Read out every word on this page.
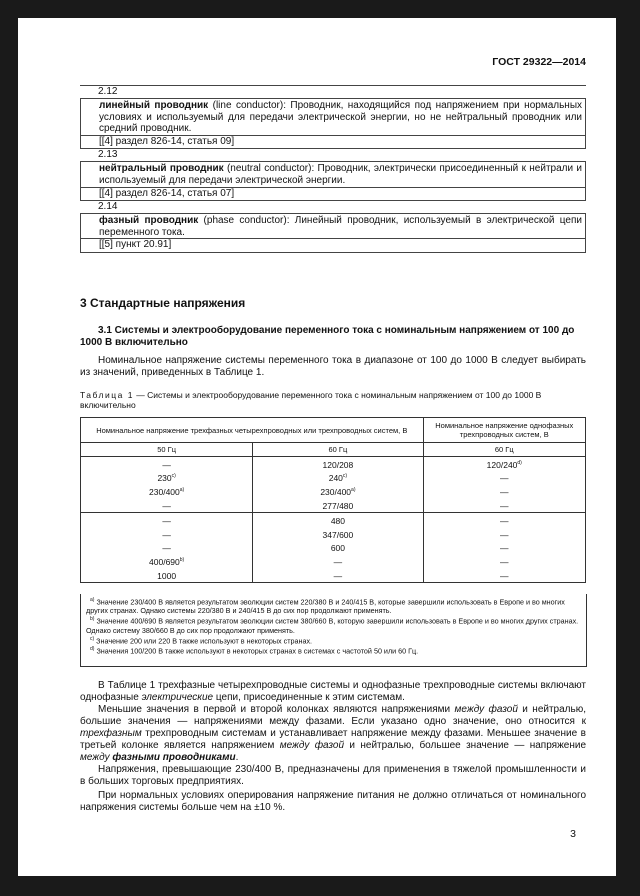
ГОСТ 29322—2014
2.12
линейный проводник (line conductor): Проводник, находящийся под напряжением при нормальных условиях и используемый для передачи электрической энергии, но не нейтральный проводник или средний проводник.
[[4] раздел 826-14, статья 09]
2.13
нейтральный проводник (neutral conductor): Проводник, электрически присоединенный к нейтрали и используемый для передачи электрической энергии.
[[4] раздел 826-14, статья 07]
2.14
фазный проводник (phase conductor): Линейный проводник, используемый в электрической цепи переменного тока.
[[5] пункт 20.91]
3 Стандартные напряжения
3.1 Системы и электрооборудование переменного тока с номинальным напряжением от 100 до 1000 В включительно
Номинальное напряжение системы переменного тока в диапазоне от 100 до 1000 В следует выбирать из значений, приведенных в Таблице 1.
Таблица 1 — Системы и электрооборудование переменного тока с номинальным напряжением от 100 до 1000 В включительно
Номинальное напряжение трехфазных четырехпроводных или трехпроводных систем, В		Номинальное напряжение однофазных трехпроводных систем, В
50 Гц	60 Гц	60 Гц
—	120/208	120/240$^{d)}$
230$^{c)}$	240$^{c)}$	—
230/400$^{a)}$	230/400$^{a)}$	—
—	277/480	—
—	480	—
—	347/600	—
—	600	—
400/690$^{b)}$	—	—
1000	—	—
$^{a)}$ Значение 230/400 В является результатом эволюции систем 220/380 В и 240/415 В, которые завершили использовать в Европе и во многих других странах. Однако системы 220/380 В и 240/415 В до сих пор продолжают применять.
$^{b)}$ Значение 400/690 В является результатом эволюции систем 380/660 В, которую завершили использовать в Европе и во многих других странах. Однако систему 380/660 В до сих пор продолжают применять.
$^{c)}$ Значение 200 или 220 В также используют в некоторых странах.
$^{d)}$ Значения 100/200 В также используют в некоторых странах в системах с частотой 50 или 60 Гц.
В Таблице 1 трехфазные четырехпроводные системы и однофазные трехпроводные системы включают однофазные электрические цепи, присоединенные к этим системам.
Меньшие значения в первой и второй колонках являются напряжениями между фазой и нейтралью, большие значения — напряжениями между фазами. Если указано одно значение, оно относится к трехфазным трехпроводным системам и устанавливает напряжение между фазами. Меньшее значение в третьей колонке является напряжением между фазой и нейтралью, большее значение — напряжение между фазными проводниками.
Напряжения, превышающие 230/400 В, предназначены для применения в тяжелой промышленности и в больших торговых предприятиях.
При нормальных условиях оперирования напряжение питания не должно отличаться от номинального напряжения системы больше чем на ±10 %.
3
